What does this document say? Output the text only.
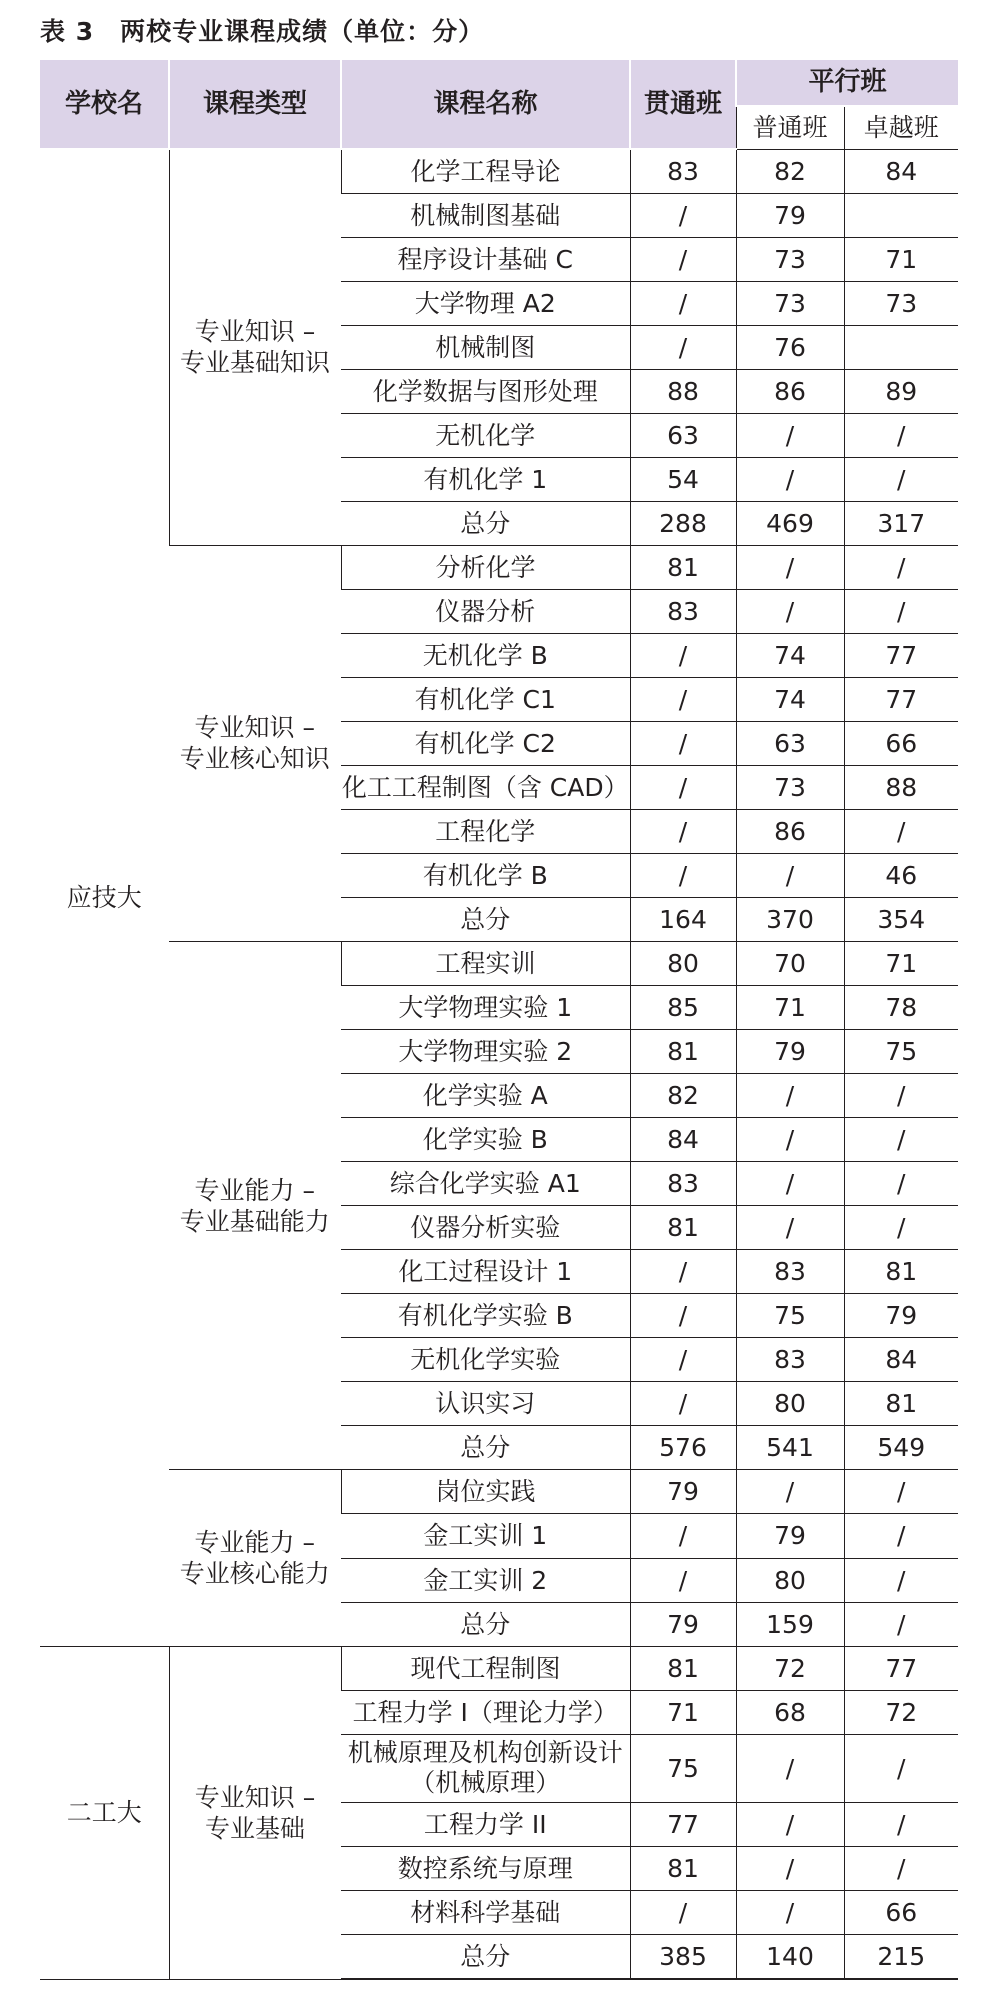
表 3　两校专业课程成绩（单位：分）
学校名	课程类型	课程名称	贯通班	平行班	
				普通班	卓越班
应技大	专业知识 –
专业基础知识	化学工程导论	83	82	84
		机械制图基础	/	79	
		程序设计基础 C	/	73	71
		大学物理 A2	/	73	73
		机械制图	/	76	
		化学数据与图形处理	88	86	89
		无机化学	63	/	/
		有机化学 1	54	/	/
		总分	288	469	317

	专业知识 –
专业核心知识	分析化学	81	/	/
		仪器分析	83	/	/
		无机化学 B	/	74	77
		有机化学 C1	/	74	77
		有机化学 C2	/	63	66
		化工工程制图（含 CAD）	/	73	88
		工程化学	/	86	/
		有机化学 B	/	/	46
		总分	164	370	354

	专业能力 –
专业基础能力	工程实训	80	70	71
		大学物理实验 1	85	71	78
		大学物理实验 2	81	79	75
		化学实验 A	82	/	/
		化学实验 B	84	/	/
		综合化学实验 A1	83	/	/
		仪器分析实验	81	/	/
		化工过程设计 1	/	83	81
		有机化学实验 B	/	75	79
		无机化学实验	/	83	84
		认识实习	/	80	81
		总分	576	541	549

	专业能力 –
专业核心能力	岗位实践	79	/	/
		金工实训 1	/	79	/
		金工实训 2	/	80	/
		总分	79	159	/
二工大	专业知识 –
专业基础	现代工程制图	81	72	77
		工程力学 I（理论力学）	71	68	72
		机械原理及机构创新设计（机械原理）	75	/	/
		工程力学 II	77	/	/
		数控系统与原理	81	/	/
		材料科学基础	/	/	66
		总分	385	140	215
